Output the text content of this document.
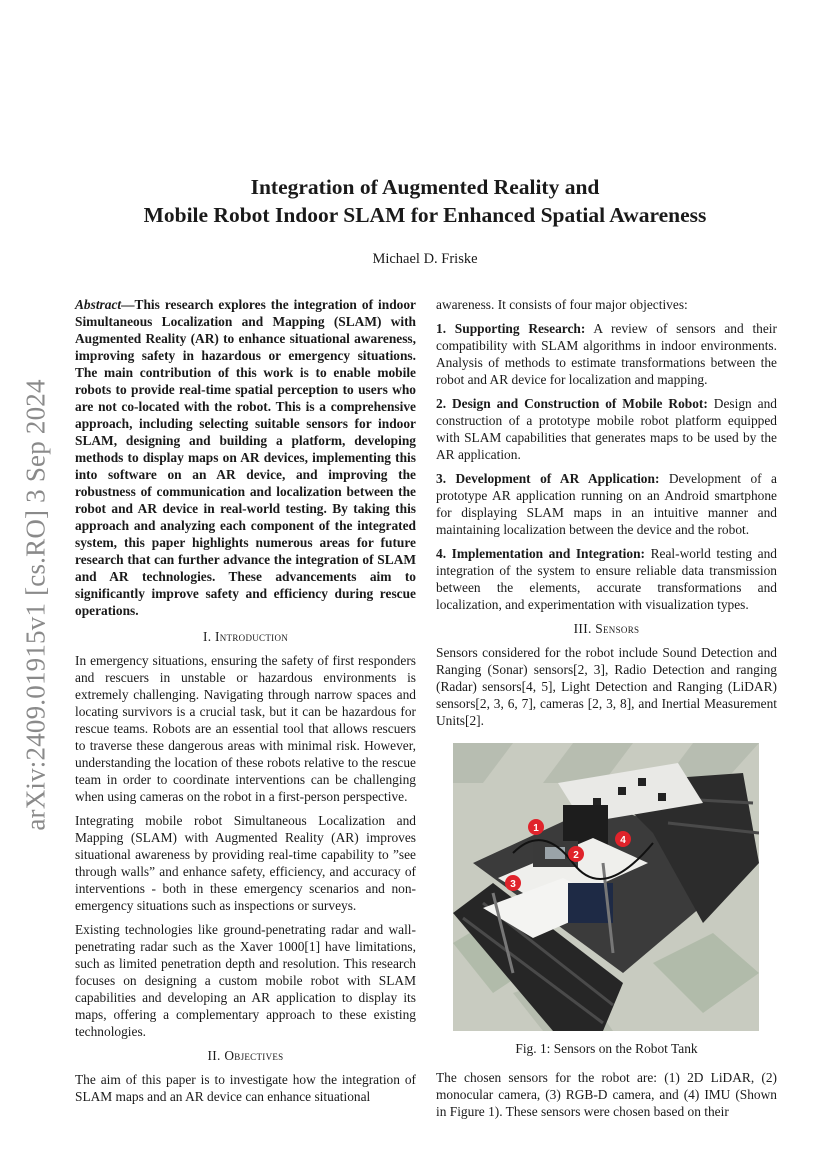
arXiv:2409.01915v1 [cs.RO] 3 Sep 2024
Integration of Augmented Reality and
Mobile Robot Indoor SLAM for Enhanced Spatial Awareness
Michael D. Friske

Abstract—This research explores the integration of indoor Simultaneous Localization and Mapping (SLAM) with Augmented Reality (AR) to enhance situational awareness, improving safety in hazardous or emergency situations. The main contribution of this work is to enable mobile robots to provide real-time spatial perception to users who are not co-located with the robot. This is a comprehensive approach, including selecting suitable sensors for indoor SLAM, designing and building a platform, developing methods to display maps on AR devices, implementing this into software on an AR device, and improving the robustness of communication and localization between the robot and AR device in real-world testing. By taking this approach and analyzing each component of the integrated system, this paper highlights numerous areas for future research that can further advance the integration of SLAM and AR technologies. These advancements aim to significantly improve safety and efficiency during rescue operations.

I. Introduction

In emergency situations, ensuring the safety of first responders and rescuers in unstable or hazardous environments is extremely challenging. Navigating through narrow spaces and locating survivors is a crucial task, but it can be hazardous for rescue teams. Robots are an essential tool that allows rescuers to traverse these dangerous areas with minimal risk. However, understanding the location of these robots relative to the rescue team in order to coordinate interventions can be challenging when using cameras on the robot in a first-person perspective.

Integrating mobile robot Simultaneous Localization and Mapping (SLAM) with Augmented Reality (AR) improves situational awareness by providing real-time capability to ”see through walls” and enhance safety, efficiency, and accuracy of interventions - both in these emergency scenarios and non-emergency situations such as inspections or surveys.

Existing technologies like ground-penetrating radar and wall-penetrating radar such as the Xaver 1000[1] have limitations, such as limited penetration depth and resolution. This research focuses on designing a custom mobile robot with SLAM capabilities and developing an AR application to display its maps, offering a complementary approach to these existing technologies.

II. Objectives

The aim of this paper is to investigate how the integration of SLAM maps and an AR device can enhance situational

awareness. It consists of four major objectives:

1. Supporting Research: A review of sensors and their compatibility with SLAM algorithms in indoor environments. Analysis of methods to estimate transformations between the robot and AR device for localization and mapping.

2. Design and Construction of Mobile Robot: Design and construction of a prototype mobile robot platform equipped with SLAM capabilities that generates maps to be used by the AR application.

3. Development of AR Application: Development of a prototype AR application running on an Android smartphone for displaying SLAM maps in an intuitive manner and maintaining localization between the device and the robot.

4. Implementation and Integration: Real-world testing and integration of the system to ensure reliable data transmission between the elements, accurate transformations and localization, and experimentation with visualization types.

III. Sensors

Sensors considered for the robot include Sound Detection and Ranging (Sonar) sensors[2, 3], Radio Detection and ranging (Radar) sensors[4, 5], Light Detection and Ranging (LiDAR) sensors[2, 3, 6, 7], cameras [2, 3, 8], and Inertial Measurement Units[2].

1
2
3
4
Fig. 1: Sensors on the Robot Tank

The chosen sensors for the robot are: (1) 2D LiDAR, (2) monocular camera, (3) RGB-D camera, and (4) IMU (Shown in Figure 1). These sensors were chosen based on their
